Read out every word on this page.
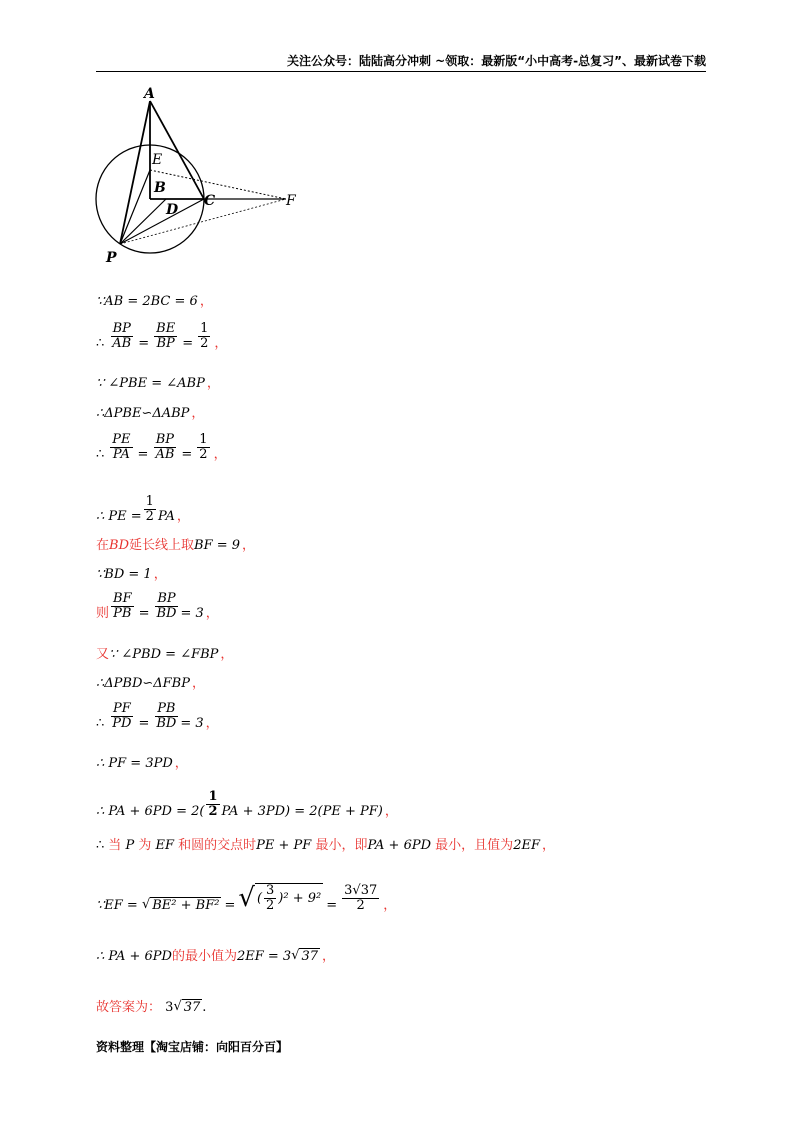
关注公众号：陆陆高分冲刺 ~领取：最新版“小中高考-总复习”、最新试卷下载
A
E
B
D
C	F
P
∵AB = 2BC = 6 ，
∴ $\frac{BP}{AB} = \frac{BE}{BP} = \frac{1}{2}$ ，
∵ ∠PBE = ∠ABP ，
∴ΔPBE∽ΔABP ，
∴ $\frac{PE}{PA} = \frac{BP}{AB} = \frac{1}{2}$ ，
∴ PE = $\frac{1}{2}$ PA ，
在 BD 延长线上取 BF = 9 ，
∵BD = 1 ，
则 $\frac{BF}{PB} = \frac{BP}{BD} = 3$ ，
又 ∵ ∠PBD = ∠FBP ，
∴ΔPBD∽ΔFBP ，
∴ $\frac{PF}{PD} = \frac{PB}{BD} = 3$ ，
∴ PF = 3PD ，
∴ PA + $6PD = 2( \frac{1}{2}$ PA + 3PD) = 2(PE + PF) ，
∴ 当
P
为
EF
和圆的交点时 PE + PF
最小，即 PA + 6PD
最小，且值为 2EF ，
∵EF =
√ BE² + BF² = √ ( $\frac{3}{2} )^2 + 9^2 = \frac{3√37}{2}$ ，
∴ PA + 6PD 的最小值为 2EF = 3 √ 37 ，
故答案为：
3 √ 37 .
资料整理【淘宝店铺：向阳百分百】
